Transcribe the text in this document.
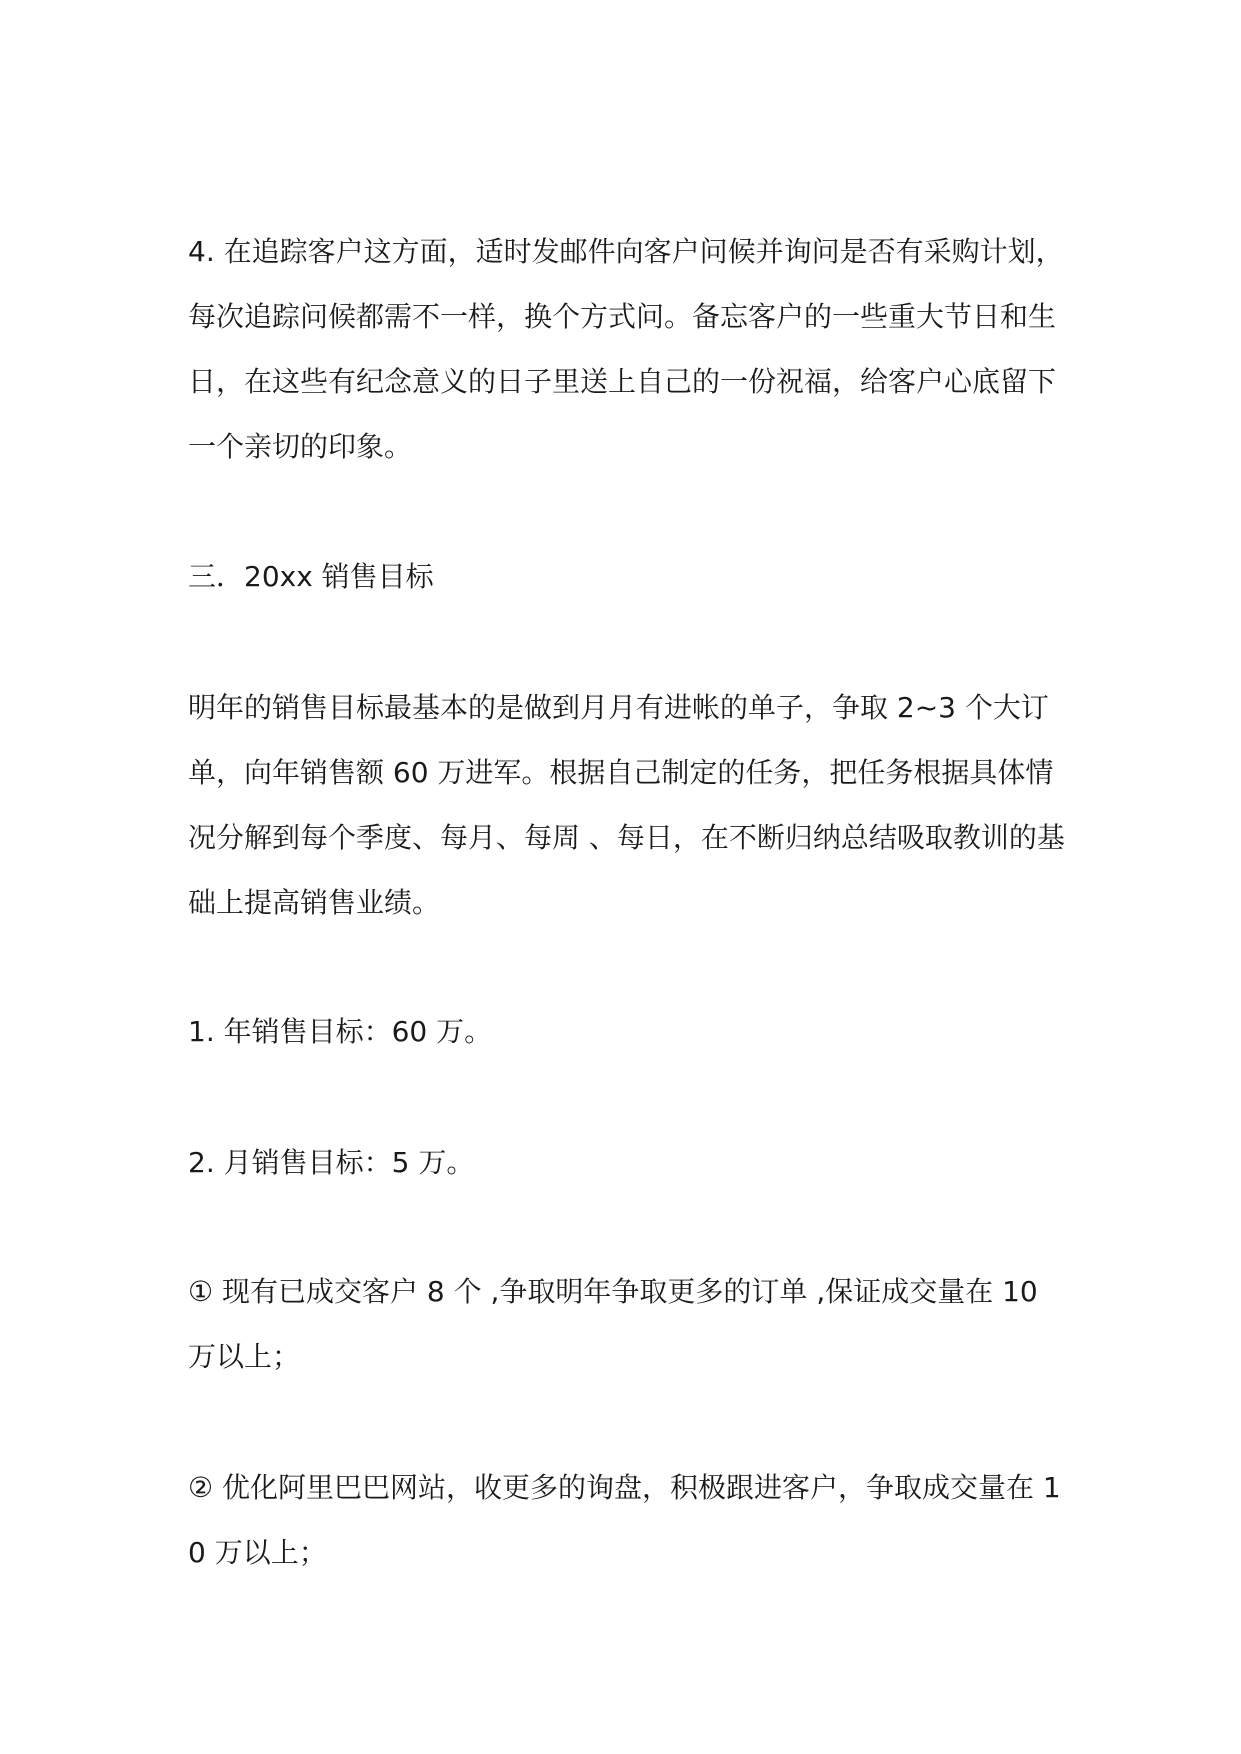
4. 在追踪客户这方面，适时发邮件向客户问候并询问是否有采购计划，每次追踪问候都需不一样，换个方式问。备忘客户的一些重大节日和生日，在这些有纪念意义的日子里送上自己的一份祝福，给客户心底留下一个亲切的印象。

三．20xx 销售目标

明年的销售目标最基本的是做到月月有进帐的单子，争取 2~3 个大订单，向年销售额 60 万进军。根据自己制定的任务，把任务根据具体情况分解到每个季度、每月、每周 、每日，在不断归纳总结吸取教训的基础上提高销售业绩。

1. 年销售目标：60 万。

2. 月销售目标：5 万。

① 现有已成交客户 8 个 ,争取明年争取更多的订单 ,保证成交量在 10 万以上；

② 优化阿里巴巴网站，收更多的询盘，积极跟进客户，争取成交量在 10 万以上；
